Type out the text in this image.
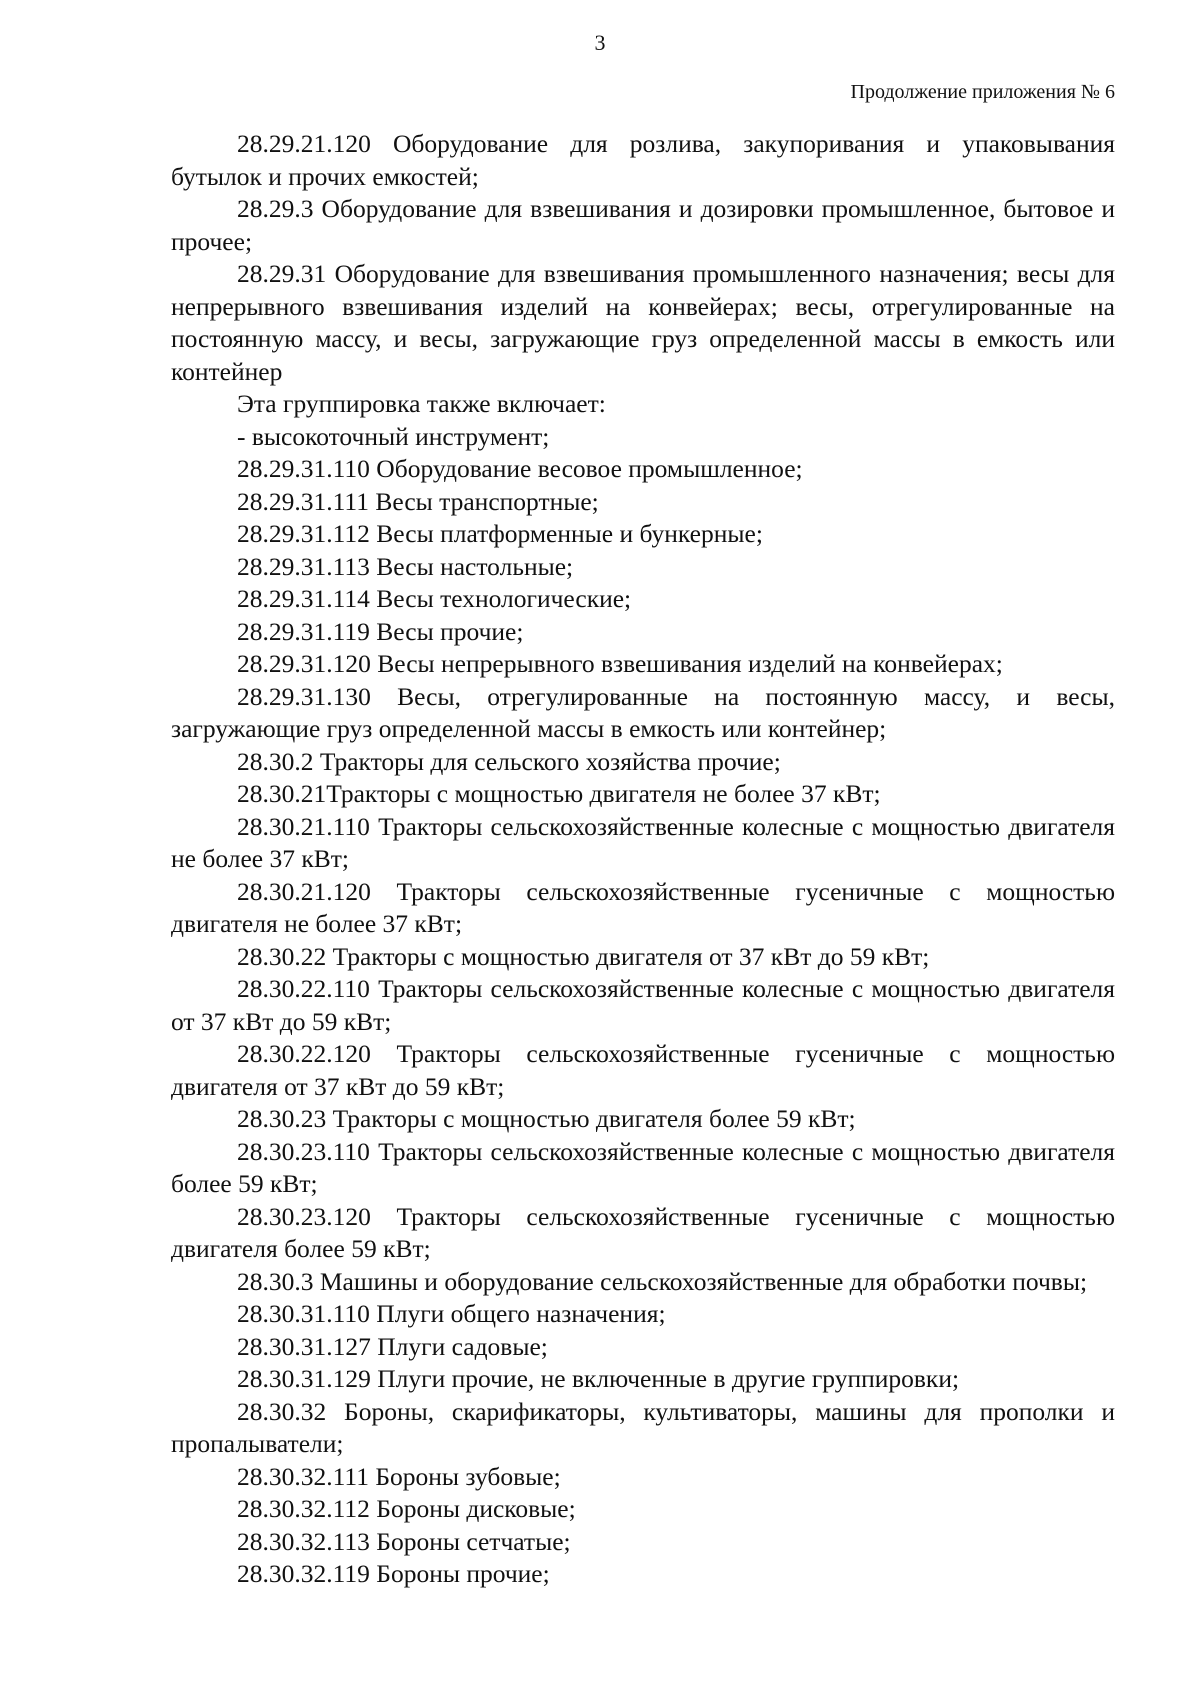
3
Продолжение приложения № 6

28.29.21.120 Оборудование для розлива, закупоривания и упаковывания бутылок и прочих емкостей;

28.29.3 Оборудование для взвешивания и дозировки промышленное, бытовое и прочее;

28.29.31 Оборудование для взвешивания промышленного назначения; весы для непрерывного взвешивания изделий на конвейерах; весы, отрегулированные на постоянную массу, и весы, загружающие груз определенной массы в емкость или контейнер

Эта группировка также включает:

- высокоточный инструмент;

28.29.31.110 Оборудование весовое промышленное;

28.29.31.111 Весы транспортные;

28.29.31.112 Весы платформенные и бункерные;

28.29.31.113 Весы настольные;

28.29.31.114 Весы технологические;

28.29.31.119 Весы прочие;

28.29.31.120 Весы непрерывного взвешивания изделий на конвейерах;

28.29.31.130 Весы, отрегулированные на постоянную массу, и весы, загружающие груз определенной массы в емкость или контейнер;

28.30.2 Тракторы для сельского хозяйства прочие;

28.30.21Тракторы с мощностью двигателя не более 37 кВт;

28.30.21.110 Тракторы сельскохозяйственные колесные с мощностью двигателя не более 37 кВт;

28.30.21.120 Тракторы сельскохозяйственные гусеничные с мощностью двигателя не более 37 кВт;

28.30.22 Тракторы с мощностью двигателя от 37 кВт до 59 кВт;

28.30.22.110 Тракторы сельскохозяйственные колесные с мощностью двигателя от 37 кВт до 59 кВт;

28.30.22.120 Тракторы сельскохозяйственные гусеничные с мощностью двигателя от 37 кВт до 59 кВт;

28.30.23 Тракторы с мощностью двигателя более 59 кВт;

28.30.23.110 Тракторы сельскохозяйственные колесные с мощностью двигателя более 59 кВт;

28.30.23.120 Тракторы сельскохозяйственные гусеничные с мощностью двигателя более 59 кВт;

28.30.3 Машины и оборудование сельскохозяйственные для обработки почвы;

28.30.31.110 Плуги общего назначения;

28.30.31.127 Плуги садовые;

28.30.31.129 Плуги прочие, не включенные в другие группировки;

28.30.32 Бороны, скарификаторы, культиваторы, машины для прополки и пропалыватели;

28.30.32.111 Бороны зубовые;

28.30.32.112 Бороны дисковые;

28.30.32.113 Бороны сетчатые;

28.30.32.119 Бороны прочие;
